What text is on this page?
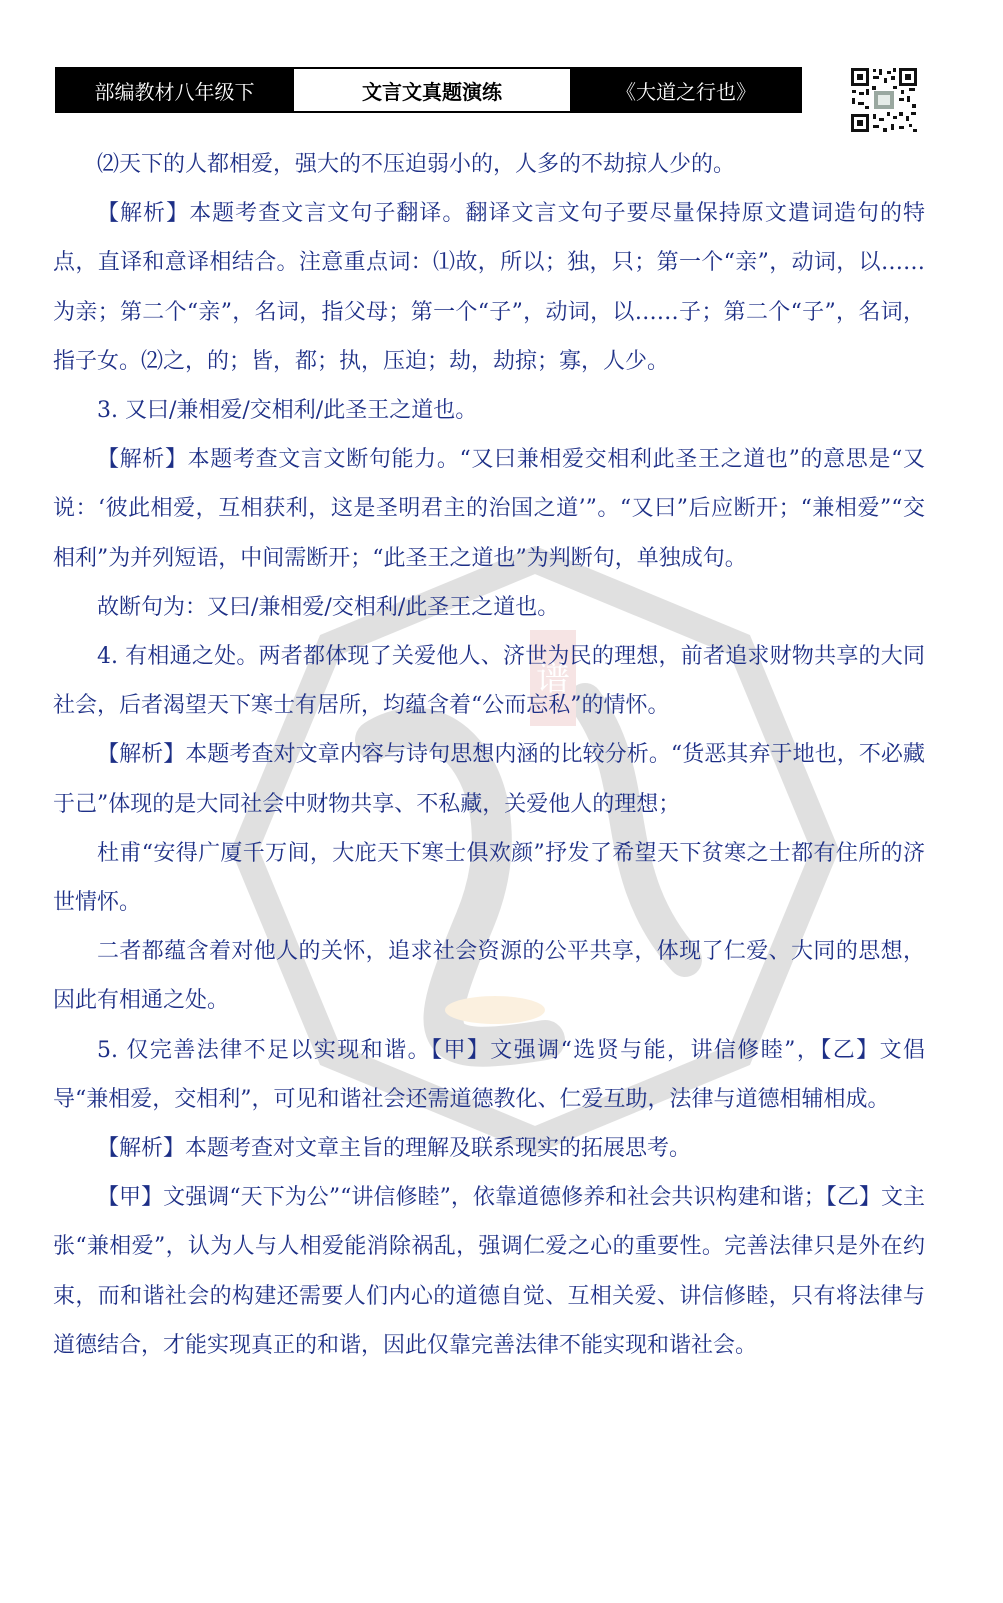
部编教材八年级下	文言文真题演练	《大道之行也》
谱

⑵天下的人都相爱，强大的不压迫弱小的，人多的不劫掠人少的。

【解析】本题考查文言文句子翻译。翻译文言文句子要尽量保持原文遣词造句的特点，直译和意译相结合。注意重点词：⑴故，所以；独，只；第一个“亲”，动词，以……为亲；第二个“亲”，名词，指父母；第一个“子”，动词，以……子；第二个“子”，名词，指子女。⑵之，的；皆，都；执，压迫；劫，劫掠；寡，人少。

3. 又曰/兼相爱/交相利/此圣王之道也。

【解析】本题考查文言文断句能力。“又曰兼相爱交相利此圣王之道也”的意思是“又说：‘彼此相爱，互相获利，这是圣明君主的治国之道’”。“又曰”后应断开；“兼相爱”“交相利”为并列短语，中间需断开；“此圣王之道也”为判断句，单独成句。

故断句为：又曰/兼相爱/交相利/此圣王之道也。

4. 有相通之处。两者都体现了关爱他人、济世为民的理想，前者追求财物共享的大同社会，后者渴望天下寒士有居所，均蕴含着“公而忘私”的情怀。

【解析】本题考查对文章内容与诗句思想内涵的比较分析。“货恶其弃于地也，不必藏于己”体现的是大同社会中财物共享、不私藏，关爱他人的理想；

杜甫“安得广厦千万间，大庇天下寒士俱欢颜”抒发了希望天下贫寒之士都有住所的济世情怀。

二者都蕴含着对他人的关怀，追求社会资源的公平共享，体现了仁爱、大同的思想，因此有相通之处。

5. 仅完善法律不足以实现和谐。【甲】文强调“选贤与能，讲信修睦”，【乙】文倡导“兼相爱，交相利”，可见和谐社会还需道德教化、仁爱互助，法律与道德相辅相成。

【解析】本题考查对文章主旨的理解及联系现实的拓展思考。

【甲】文强调“天下为公”“讲信修睦”，依靠道德修养和社会共识构建和谐；【乙】文主张“兼相爱”，认为人与人相爱能消除祸乱，强调仁爱之心的重要性。完善法律只是外在约束，而和谐社会的构建还需要人们内心的道德自觉、互相关爱、讲信修睦，只有将法律与道德结合，才能实现真正的和谐，因此仅靠完善法律不能实现和谐社会。
